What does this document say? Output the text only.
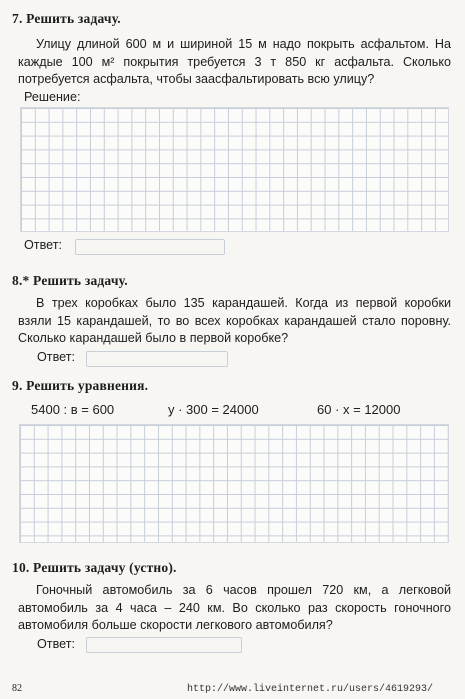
7. Решить задачу.
Улицу длиной 600 м и шириной 15 м надо покрыть асфальтом. На каждые 100 м² покрытия требуется 3 т 850 кг асфальта. Сколько потребуется асфальта, чтобы заасфальтировать всю улицу?
Решение:
Ответ:
8.* Решить задачу.
В трех коробках было 135 карандашей. Когда из первой коробки взяли 15 карандашей, то во всех коробках карандашей стало поровну. Сколько карандашей было в первой коробке?
Ответ:
9. Решить уравнения.
5400 : в = 600	у · 300 = 24000	60 · х = 12000
10. Решить задачу (устно).
Гоночный автомобиль за 6 часов прошел 720 км, а легковой автомобиль за 4 часа – 240 км. Во сколько раз скорость гоночного автомобиля больше скорости легкового автомобиля?
Ответ:
82	http://www.liveinternet.ru/users/4619293/
